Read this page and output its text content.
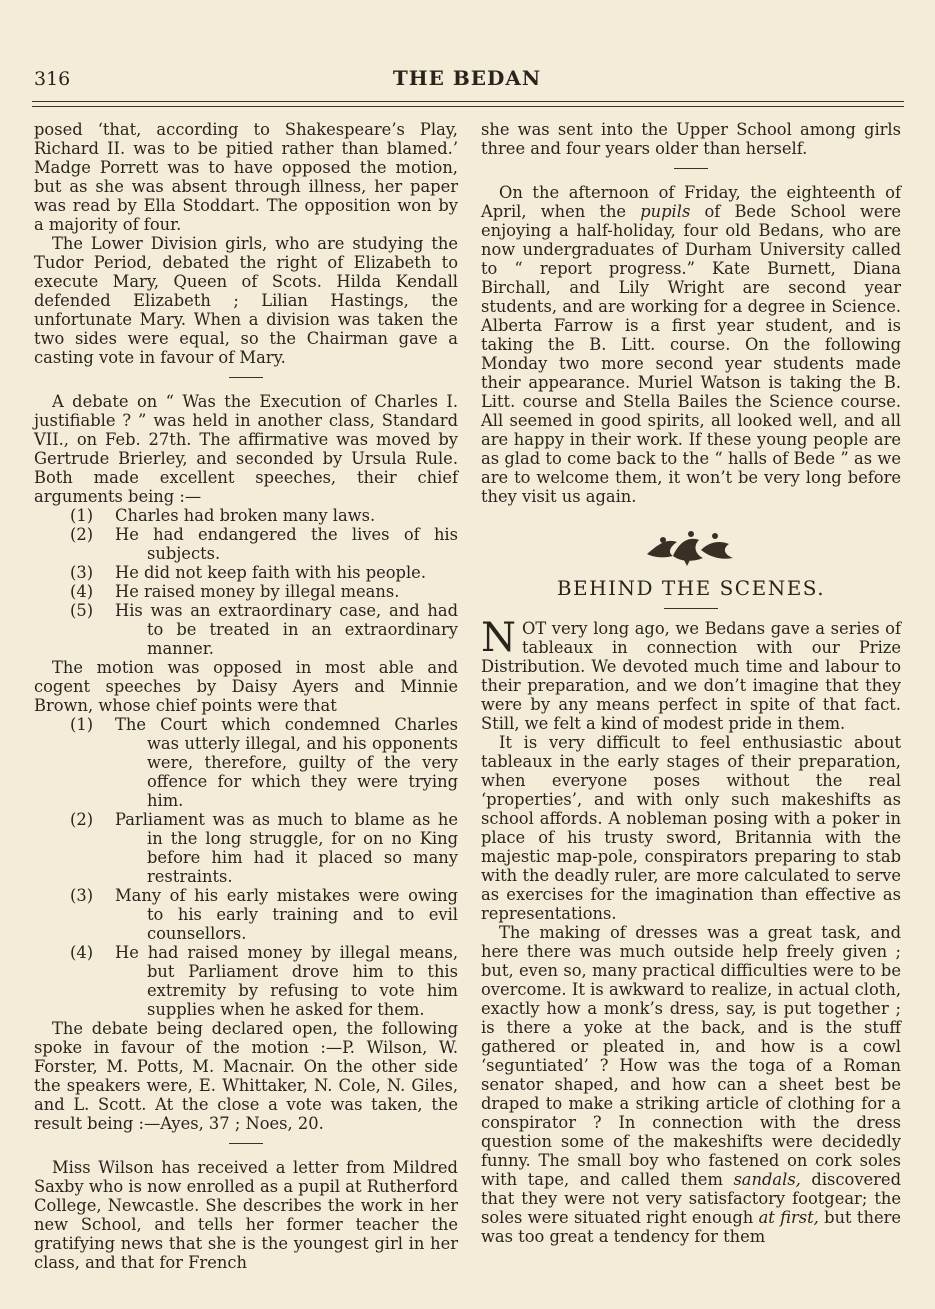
316	THE BEDAN

posed ‘that, according to Shakespeare’s Play, Richard II. was to be pitied rather than blamed.’ Madge Porrett was to have opposed the motion, but as she was absent through illness, her paper was read by Ella Stoddart. The opposition won by a majority of four.

The Lower Division girls, who are studying the Tudor Period, debated the right of Elizabeth to execute Mary, Queen of Scots. Hilda Kendall defended Elizabeth ; Lilian Hastings, the unfortunate Mary. When a division was taken the two sides were equal, so the Chairman gave a casting vote in favour of Mary.

A debate on “ Was the Execution of Charles I. justifiable ? ” was held in another class, Standard VII., on Feb. 27th. The affirmative was moved by Gertrude Brierley, and seconded by Ursula Rule. Both made excellent speeches, their chief arguments being :—

(1) Charles had broken many laws.
(2) He had endangered the lives of his subjects.
(3) He did not keep faith with his people.
(4) He raised money by illegal means.
(5) His was an extraordinary case, and had to be treated in an extraordinary manner.

The motion was opposed in most able and cogent speeches by Daisy Ayers and Minnie Brown, whose chief points were that

(1) The Court which condemned Charles was utterly illegal, and his opponents were, therefore, guilty of the very offence for which they were trying him.
(2) Parliament was as much to blame as he in the long struggle, for on no King before him had it placed so many restraints.
(3) Many of his early mistakes were owing to his early training and to evil counsellors.
(4) He had raised money by illegal means, but Parliament drove him to this extremity by refusing to vote him supplies when he asked for them.

The debate being declared open, the following spoke in favour of the motion :—P. Wilson, W. Forster, M. Potts, M. Macnair. On the other side the speakers were, E. Whittaker, N. Cole, N. Giles, and L. Scott. At the close a vote was taken, the result being :—Ayes, 37 ; Noes, 20.

Miss Wilson has received a letter from Mildred Saxby who is now enrolled as a pupil at Rutherford College, Newcastle. She describes the work in her new School, and tells her former teacher the gratifying news that she is the youngest girl in her class, and that for French

she was sent into the Upper School among girls three and four years older than herself.

On the afternoon of Friday, the eighteenth of April, when the pupils of Bede School were enjoying a half-holiday, four old Bedans, who are now undergraduates of Durham University called to “ report progress.” Kate Burnett, Diana Birchall, and Lily Wright are second year students, and are working for a degree in Science. Alberta Farrow is a first year student, and is taking the B. Litt. course. On the following Monday two more second year students made their appearance. Muriel Watson is taking the B. Litt. course and Stella Bailes the Science course. All seemed in good spirits, all looked well, and all are happy in their work. If these young people are as glad to come back to the “ halls of Bede ” as we are to welcome them, it won’t be very long before they visit us again.

BEHIND THE SCENES.

NOT very long ago, we Bedans gave a series of tableaux in connection with our Prize Distribution. We devoted much time and labour to their preparation, and we don’t imagine that they were by any means perfect in spite of that fact. Still, we felt a kind of modest pride in them.

It is very difficult to feel enthusiastic about tableaux in the early stages of their preparation, when everyone poses without the real ‘properties’, and with only such makeshifts as school affords. A nobleman posing with a poker in place of his trusty sword, Britannia with the majestic map-pole, conspirators preparing to stab with the deadly ruler, are more calculated to serve as exercises for the imagination than effective as representations.

The making of dresses was a great task, and here there was much outside help freely given ; but, even so, many practical difficulties were to be overcome. It is awkward to realize, in actual cloth, exactly how a monk’s dress, say, is put together ; is there a yoke at the back, and is the stuff gathered or pleated in, and how is a cowl ‘seguntiated’ ? How was the toga of a Roman senator shaped, and how can a sheet best be draped to make a striking article of clothing for a conspirator ? In connection with the dress question some of the makeshifts were decidedly funny. The small boy who fastened on cork soles with tape, and called them sandals, discovered that they were not very satisfactory footgear; the soles were situated right enough at first, but there was too great a tendency for them
